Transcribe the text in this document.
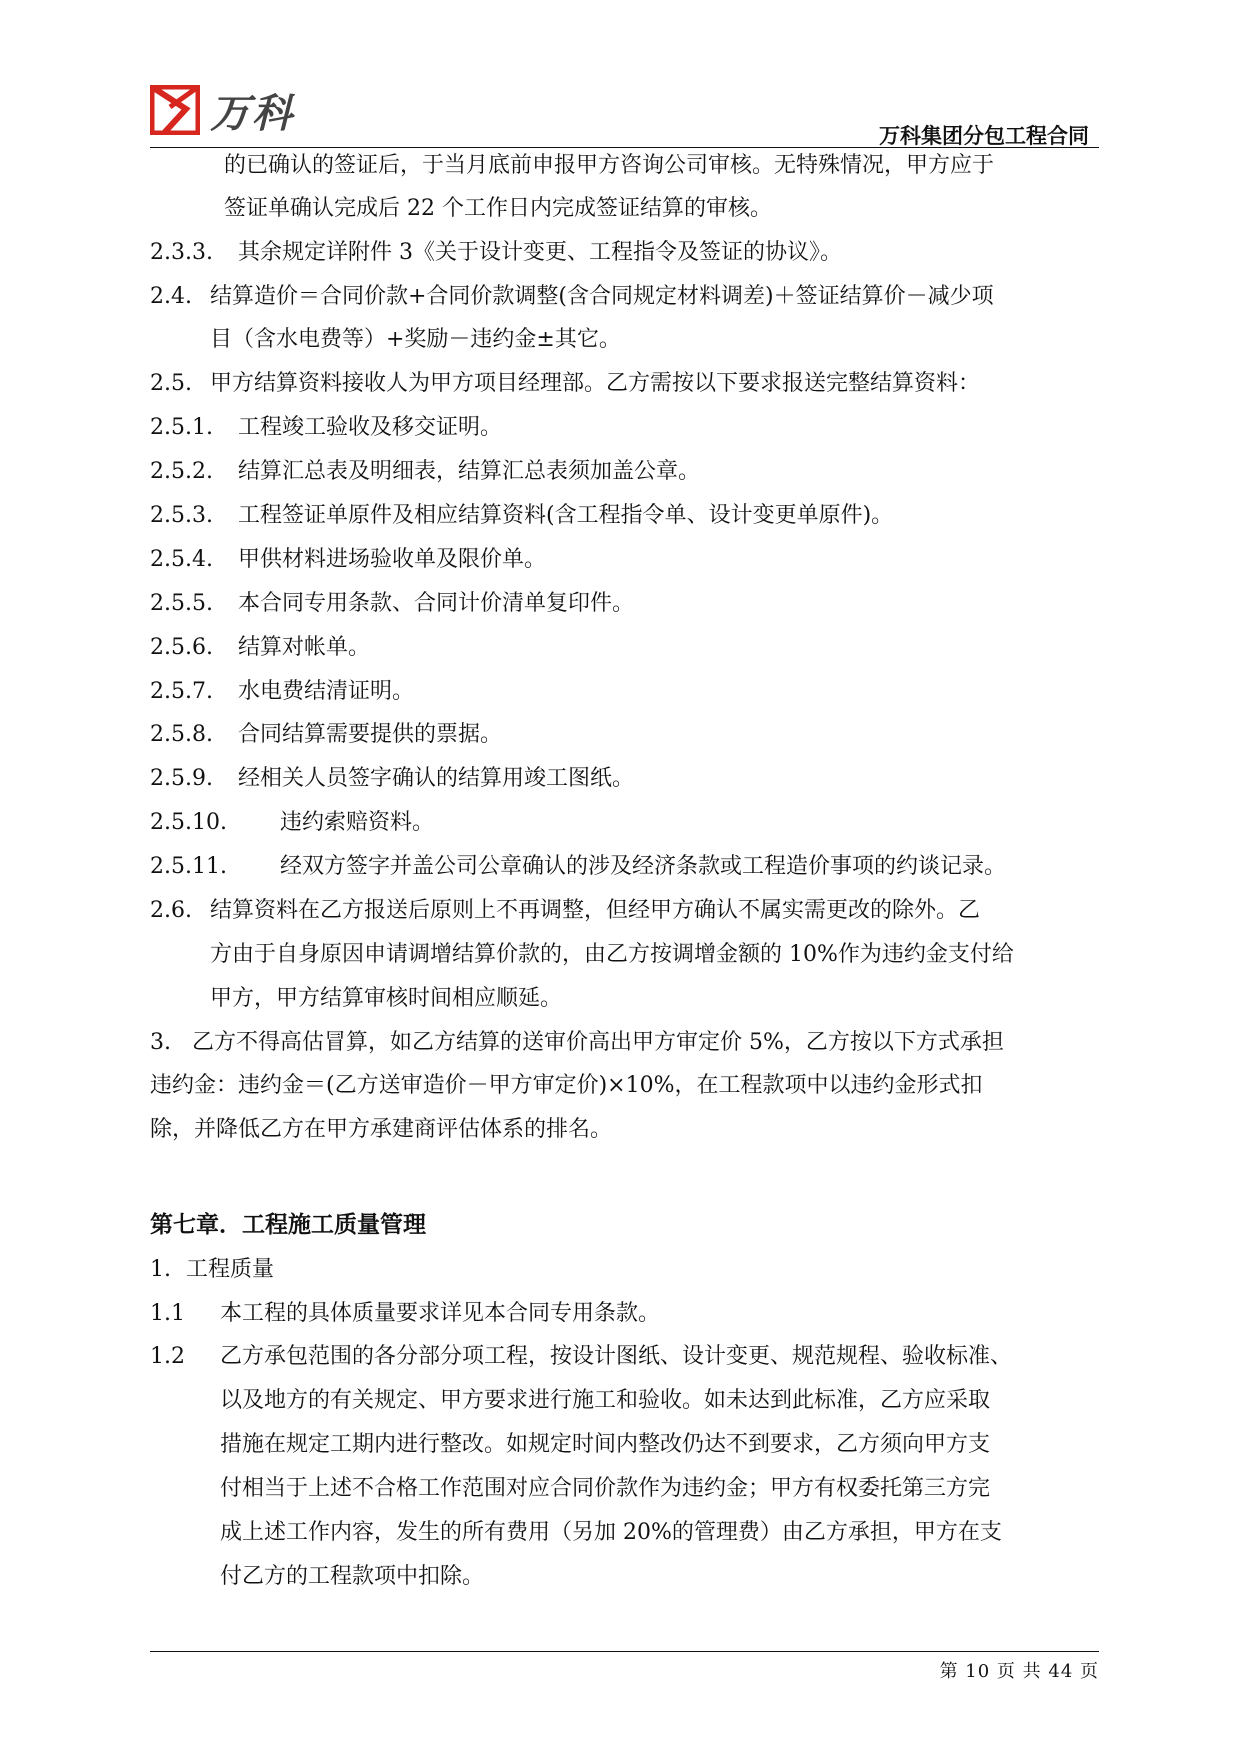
万科	万科集团分包工程合同
的已确认的签证后，于当月底前申报甲方咨询公司审核。无特殊情况，甲方应于
签证单确认完成后 22 个工作日内完成签证结算的审核。
2.3.3. 其余规定详附件 3《关于设计变更、工程指令及签证的协议》。
2.4. 结算造价＝合同价款+合同价款调整(含合同规定材料调差)＋签证结算价－减少项
目（含水电费等）+奖励－违约金±其它。
2.5. 甲方结算资料接收人为甲方项目经理部。乙方需按以下要求报送完整结算资料：
2.5.1. 工程竣工验收及移交证明。
2.5.2. 结算汇总表及明细表，结算汇总表须加盖公章。
2.5.3. 工程签证单原件及相应结算资料(含工程指令单、设计变更单原件)。
2.5.4. 甲供材料进场验收单及限价单。
2.5.5. 本合同专用条款、合同计价清单复印件。
2.5.6. 结算对帐单。
2.5.7. 水电费结清证明。
2.5.8. 合同结算需要提供的票据。
2.5.9. 经相关人员签字确认的结算用竣工图纸。
2.5.10. 违约索赔资料。
2.5.11. 经双方签字并盖公司公章确认的涉及经济条款或工程造价事项的约谈记录。
2.6. 结算资料在乙方报送后原则上不再调整，但经甲方确认不属实需更改的除外。乙
方由于自身原因申请调增结算价款的，由乙方按调增金额的 10%作为违约金支付给
甲方，甲方结算审核时间相应顺延。
3. 乙方不得高估冒算，如乙方结算的送审价高出甲方审定价 5%，乙方按以下方式承担
违约金：违约金＝(乙方送审造价－甲方审定价)×10%，在工程款项中以违约金形式扣
除，并降低乙方在甲方承建商评估体系的排名。
第七章．工程施工质量管理
1. 工程质量
1.1 本工程的具体质量要求详见本合同专用条款。
1.2 乙方承包范围的各分部分项工程，按设计图纸、设计变更、规范规程、验收标准、
以及地方的有关规定、甲方要求进行施工和验收。如未达到此标准，乙方应采取
措施在规定工期内进行整改。如规定时间内整改仍达不到要求，乙方须向甲方支
付相当于上述不合格工作范围对应合同价款作为违约金；甲方有权委托第三方完
成上述工作内容，发生的所有费用（另加 20%的管理费）由乙方承担，甲方在支
付乙方的工程款项中扣除。
第 10 页 共 44 页
